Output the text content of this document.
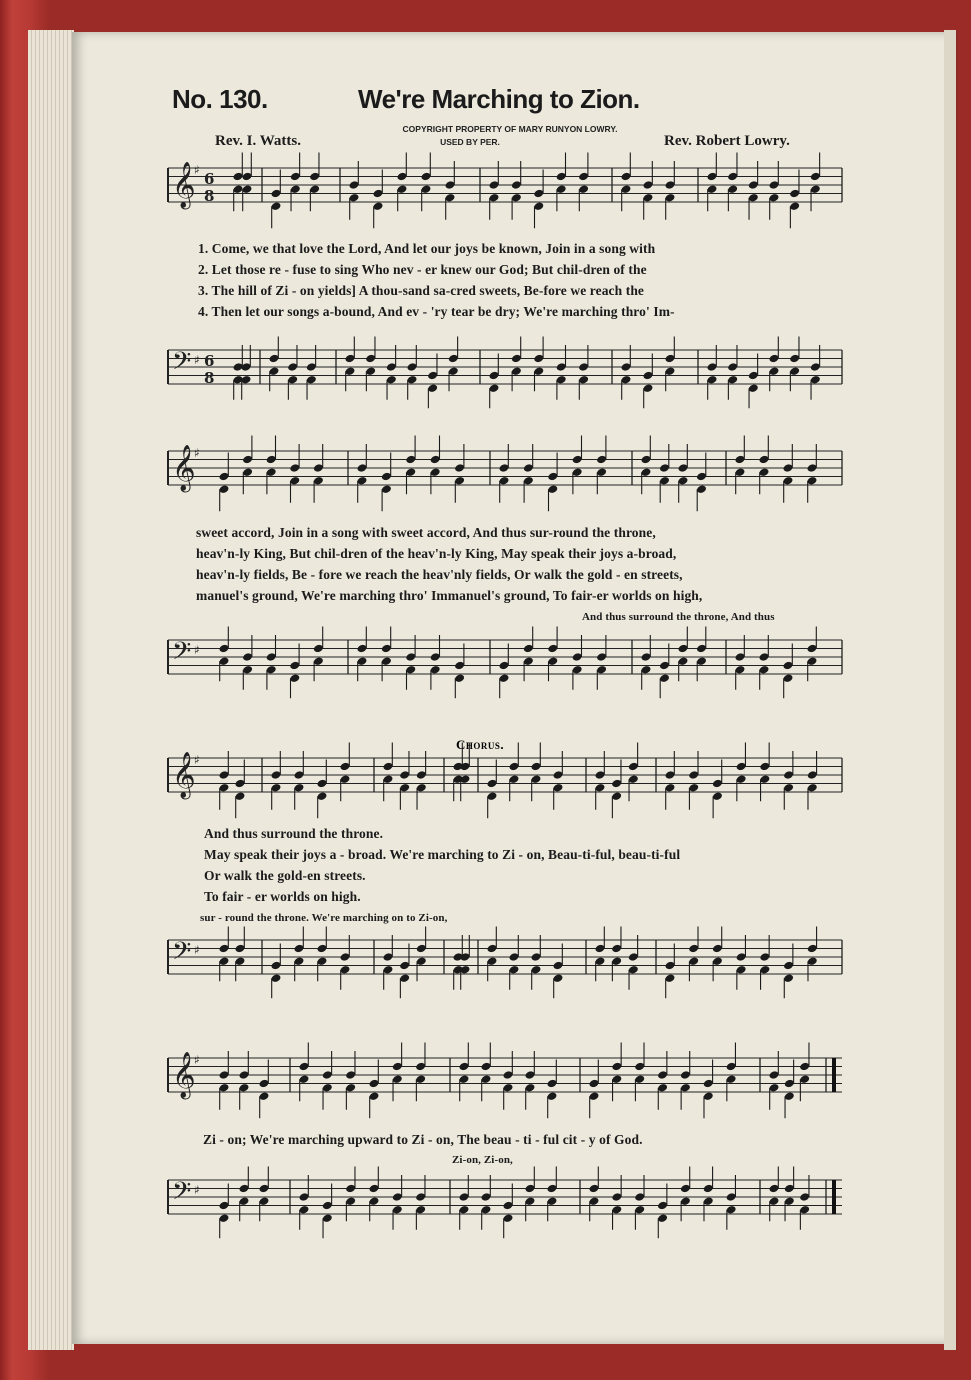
No. 130.	We're Marching to Zion.
COPYRIGHT PROPERTY OF MARY RUNYON LOWRY.
USED BY PER.
Rev. I. Watts.	Rev. Robert Lowry.
𝄞
♯ 6
8
𝄢 ♯ 6
8
𝄞
♯
𝄢 ♯
𝄞
♯
𝄢 ♯
𝄞
♯
𝄢 ♯
1. Come, we that love the Lord, And let our joys be known, Join in a song with
2. Let those re - fuse to sing Who nev - er knew our God; But chil-dren of the
3. The hill of Zi - on yields] A thou-sand sa-cred sweets, Be-fore we reach the
4. Then let our songs a-bound, And ev - 'ry tear be dry; We're marching thro' Im-
sweet accord, Join in a song with sweet accord, And thus sur-round the throne,
heav'n-ly King, But chil-dren of the heav'n-ly King, May speak their joys a-broad,
heav'n-ly fields, Be - fore we reach the heav'nly fields, Or walk the gold - en streets,
manuel's ground, We're marching thro' Immanuel's ground, To fair-er worlds on high,
And thus surround the throne, And thus
Chorus.
And thus surround the throne.
May speak their joys a - broad. We're marching to Zi - on, Beau-ti-ful, beau-ti-ful
Or walk the gold-en streets.
To fair - er worlds on high.
sur - round the throne. We're marching on to Zi-on,
Zi - on; We're marching upward to Zi - on, The beau - ti - ful cit - y of God.
Zi-on, Zi-on,
